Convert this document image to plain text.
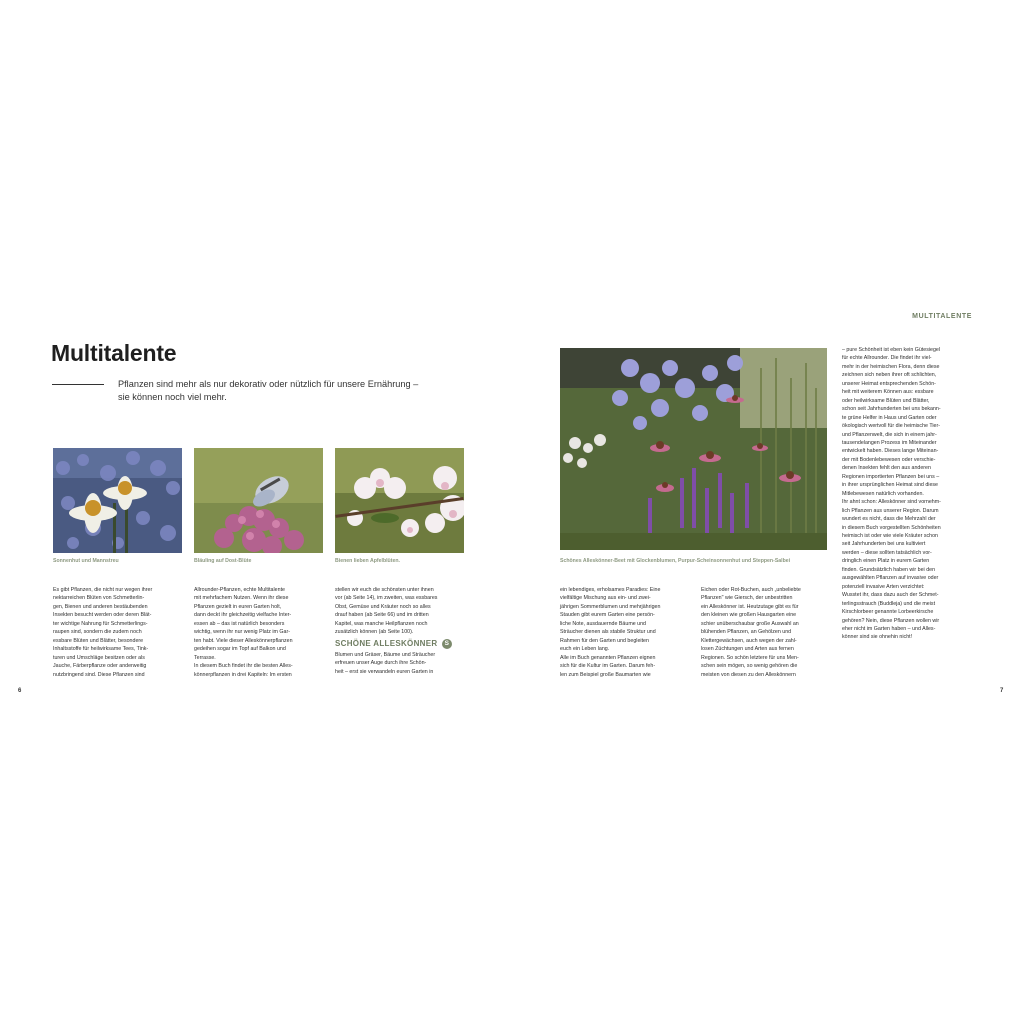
MULTITALENTE
Multitalente
Pflanzen sind mehr als nur dekorativ oder nützlich für unsere Ernährung –
sie können noch viel mehr.
Sonnenhut und Mannstreu	Bläuling auf Dost-Blüte	Bienen lieben Apfelblüten.
Es gibt Pflanzen, die nicht nur wegen ihrer
nektarreichen Blüten von Schmetterlin-
gen, Bienen und anderen bestäubenden
Insekten besucht werden oder deren Blät-
ter wichtige Nahrung für Schmetterlings-
raupen sind, sondern die zudem noch
essbare Blüten und Blätter, besondere
Inhaltsstoffe für heilwirksame Tees, Tink-
turen und Umschläge besitzen oder als
Jauche, Färberpflanze oder anderweitig
nutzbringend sind. Diese Pflanzen sind
Allrounder-Pflanzen, echte Multitalente
mit mehrfachem Nutzen. Wenn ihr diese
Pflanzen gezielt in euren Garten holt,
dann deckt ihr gleichzeitig vielfache Inter-
essen ab – das ist natürlich besonders
wichtig, wenn ihr nur wenig Platz im Gar-
ten habt. Viele dieser Alleskönnerpflanzen
gedeihen sogar im Topf auf Balkon und
Terrasse.
In diesem Buch findet ihr die besten Alles-
könnerpflanzen in drei Kapiteln: Im ersten
stellen wir euch die schönsten unter ihnen
vor (ab Seite 14), im zweiten, was essbares
Obst, Gemüse und Kräuter noch so alles
drauf haben (ab Seite 66) und im dritten
Kapitel, was manche Heilpflanzen noch
zusätzlich können (ab Seite 100).
SCHÖNE ALLESKÖNNER S
Blumen und Gräser, Bäume und Sträucher
erfreuen unser Auge durch ihre Schön-
heit – erst sie verwandeln euren Garten in
6
Schönes Alleskönner-Beet mit Glockenblumen, Purpur-Scheinsonnenhut und Steppen-Salbei
ein lebendiges, erholsames Paradies: Eine
vielfältige Mischung aus ein- und zwei-
jährigen Sommerblumen und mehrjährigen
Stauden gibt eurem Garten eine persön-
liche Note, ausdauernde Bäume und
Sträucher dienen als stabile Struktur und
Rahmen für den Garten und begleiten
euch ein Leben lang.
Alle im Buch genannten Pflanzen eignen
sich für die Kultur im Garten. Darum feh-
len zum Beispiel große Baumarten wie
Eichen oder Rot-Buchen, auch „unbeliebte
Pflanzen" wie Giersch, der unbestritten
ein Alleskönner ist. Heutzutage gibt es für
den kleinen wie großen Hausgarten eine
schier unüberschaubar große Auswahl an
blühenden Pflanzen, an Gehölzen und
Klettergewächsen, auch wegen der zahl-
losen Züchtungen und Arten aus fernen
Regionen. So schön letztere für uns Men-
schen sein mögen, so wenig gehören die
meisten von diesen zu den Alleskönnern
– pure Schönheit ist eben kein Gütesiegel
für echte Allrounder. Die findet ihr viel-
mehr in der heimischen Flora, denn diese
zeichnen sich neben ihrer oft schlichten,
unserer Heimat entsprechenden Schön-
heit mit weiterem Können aus: essbare
oder heilwirksame Blüten und Blätter,
schon seit Jahrhunderten bei uns bekann-
te grüne Helfer in Haus und Garten oder
ökologisch wertvoll für die heimische Tier-
und Pflanzenwelt, die sich in einem jahr-
tausendelangen Prozess im Miteinander
entwickelt haben. Dieses lange Miteinan-
der mit Bodenlebewesen oder verschie-
denen Insekten fehlt den aus anderen
Regionen importierten Pflanzen bei uns –
in ihrer ursprünglichen Heimat sind diese
Mitlebewesen natürlich vorhanden.
Ihr ahnt schon: Alleskönner sind vornehm-
lich Pflanzen aus unserer Region. Darum
wundert es nicht, dass die Mehrzahl der
in diesem Buch vorgestellten Schönheiten
heimisch ist oder wie viele Kräuter schon
seit Jahrhunderten bei uns kultiviert
werden – diese sollten tatsächlich vor-
dringlich einen Platz in eurem Garten
finden. Grundsätzlich haben wir bei den
ausgewählten Pflanzen auf invasive oder
potenziell invasive Arten verzichtet:
Wusstet ihr, dass dazu auch der Schmet-
terlingsstrauch (Buddleja) und die meist
Kirschlorbeer genannte Lorbeerkirsche
gehören? Nein, diese Pflanzen wollen wir
eher nicht im Garten haben – und Alles-
könner sind sie ohnehin nicht!
7
